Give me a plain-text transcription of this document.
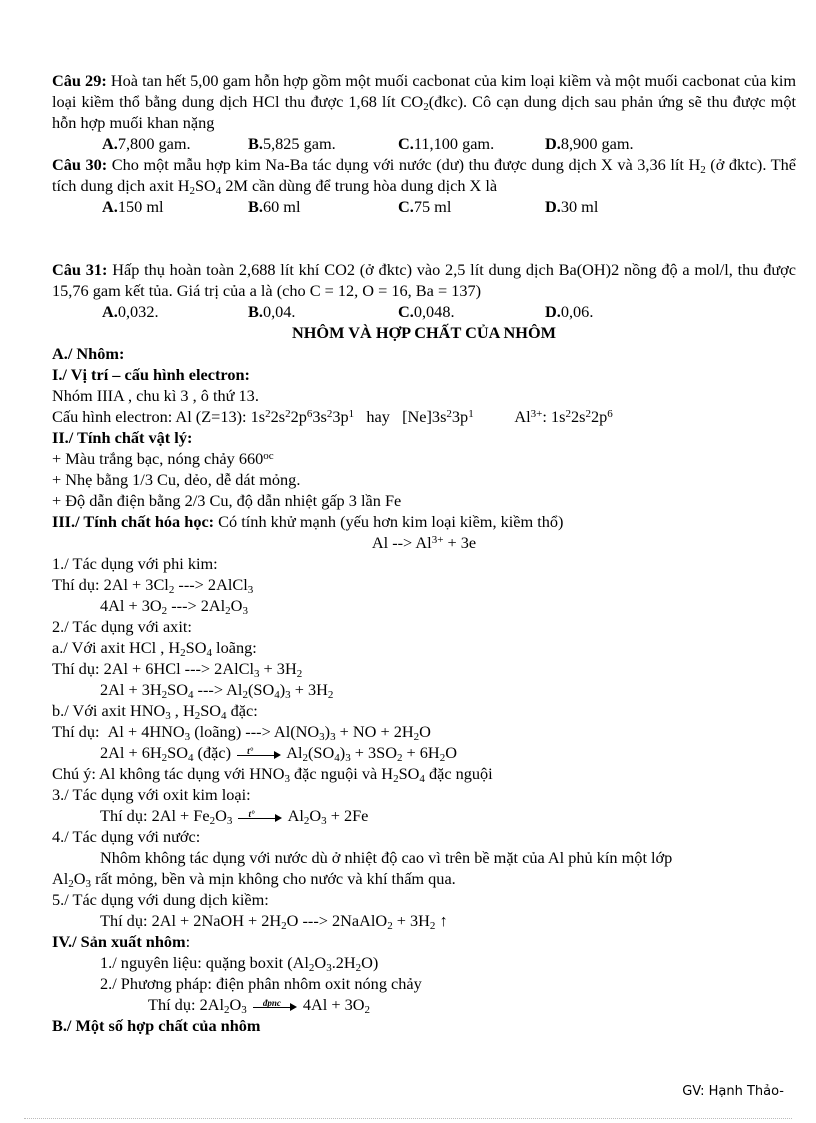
Câu 29: Hoà tan hết 5,00 gam hỗn hợp gồm một muối cacbonat của kim loại kiềm và một muối cacbonat của kim loại kiềm thổ bằng dung dịch HCl thu được 1,68 lít $CO_2(đkc)$. Cô cạn dung dịch sau phản ứng sẽ thu được một hỗn hợp muối khan nặng

A.7,800 gam.	B.5,825 gam.	C.11,100 gam.	D.8,900 gam.

Câu 30: Cho một mẫu hợp kim Na-Ba tác dụng với nước (dư) thu được dung dịch X và 3,36 lít $H_2$ (ở đktc). Thể tích dung dịch axit $H_2SO_4$ 2M cần dùng để trung hòa dung dịch X là

A.150 ml	B.60 ml	C.75 ml	D.30 ml

Câu 31: Hấp thụ hoàn toàn 2,688 lít khí CO2 (ở đktc) vào 2,5 lít dung dịch Ba(OH)2 nồng độ a mol/l, thu được 15,76 gam kết tủa. Giá trị của a là (cho C = 12, O = 16, Ba = 137)

A.0,032.	B.0,04.	C.0,048.	D.0,06.

NHÔM VÀ HỢP CHẤT CỦA NHÔM

A./ Nhôm:

I./ Vị trí – cấu hình electron:

Nhóm IIIA , chu kì 3 , ô thứ 13.

Cấu hình electron: Al (Z=13): $1s^22s^22p^63s^23p^1$ hay   $[Ne]3s^23p^1$          $Al^{3+}$: $1s^22s^22p^6$

II./ Tính chất vật lý:

+ Màu trắng bạc, nóng chảy $660^{oc}$

+ Nhẹ bằng 1/3 Cu, dẻo, dễ dát mỏng.

+ Độ dẫn điện bằng 2/3 Cu, độ dẫn nhiệt gấp 3 lần Fe

III./ Tính chất hóa học: Có tính khử mạnh (yếu hơn kim loại kiềm, kiềm thổ)

Al --> $Al^{3+} + 3e$

1./ Tác dụng với phi kim:

Thí dụ: $2Al + 3Cl_2$ ---> 2AlCl$_3$

$4Al + 3O_2$ ---> $2Al_2O_3$

2./ Tác dụng với axit:

a./ Với axit HCl , $H_2SO_4$ loãng:

Thí dụ: 2Al + 6HCl ---> 2AlCl$_3$ + $3H_2$

$2Al + 3H_2SO_4$ ---> $Al_2(SO_4)_3 + 3H_2$

b./ Với axit $HNO_3$ , $H_2SO_4$ đặc:

Thí dụ:  $Al + 4HNO_3$ (loãng) ---> $Al(NO_3)_3$ + NO + $2H_2O$

$2Al + 6H_2SO_4$ (đặc) t° $Al_2(SO_4)_3 + 3SO_2 + 6H_2O$

Chú ý: Al không tác dụng với $HNO_3$ đặc nguội và $H_2SO_4$ đặc nguội

3./ Tác dụng với oxit kim loại:

Thí dụ: $2Al + Fe_2O_3$
t° $Al_2O_3 + 2Fe$

4./ Tác dụng với nước:

Nhôm không tác dụng với nước dù ở nhiệt độ cao vì trên bề mặt của Al phủ kín một lớp

$Al_2O_3$ rất mỏng, bền và mịn không cho nước và khí thấm qua.

5./ Tác dụng với dung dịch kiềm:

Thí dụ: 2Al + 2NaOH + $2H_2O$ ---> 2NaAlO$_2$ + $3H_2$ ↑

IV./ Sản xuất nhôm:

1./ nguyên liệu: quặng boxit $(Al_2O_3.2H_2O)$

2./ Phương pháp: điện phân nhôm oxit nóng chảy

Thí dụ: $2Al_2O_3$
đpnc $4Al + 3O_2$

B./ Một số hợp chất của nhôm

GV: Hạnh Thảo-
